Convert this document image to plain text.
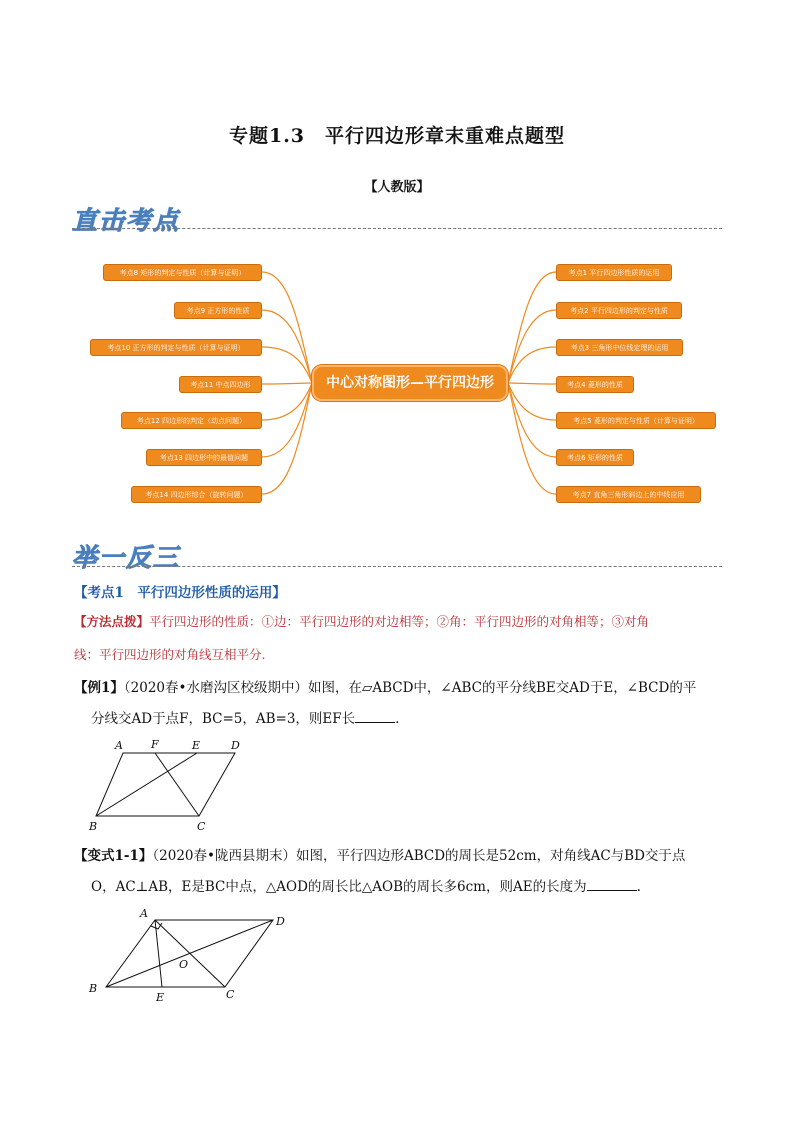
专题1.3　平行四边形章末重难点题型
【人教版】
直击考点
考点8 矩形的判定与性质（计算与证明）
考点9 正方形的性质
考点10 正方形的判定与性质（计算与证明）
考点11 中点四边形
考点12 四边形的判定（动点问题）
考点13 四边形中的最值问题
考点14 四边形综合（旋转问题）
中心对称图形—平行四边形
考点1 平行四边形性质的运用
考点2 平行四边形的判定与性质
考点3 三角形中位线定理的运用
考点4 菱形的性质
考点5 菱形的判定与性质（计算与证明）
考点6 矩形的性质
考点7 直角三角形斜边上的中线应用
举一反三
【考点1　平行四边形性质的运用】
【方法点拨】平行四边形的性质：①边：平行四边形的对边相等；②角：平行四边形的对角相等；③对角
线：平行四边形的对角线互相平分.
【例1】（2020春•水磨沟区校级期中）如图，在▱ABCD中，∠ABC的平分线BE交AD于E，∠BCD的平
分线交AD于点F，BC=5，AB=3，则EF长	.
A	F	E	D
B	C
【变式1-1】（2020春•陇西县期末）如图，平行四边形ABCD的周长是52cm，对角线AC与BD交于点
O，AC⊥AB，E是BC中点，△AOD的周长比△AOB的周长多6cm，则AE的长度为	.
A
D
O
B
E	C
